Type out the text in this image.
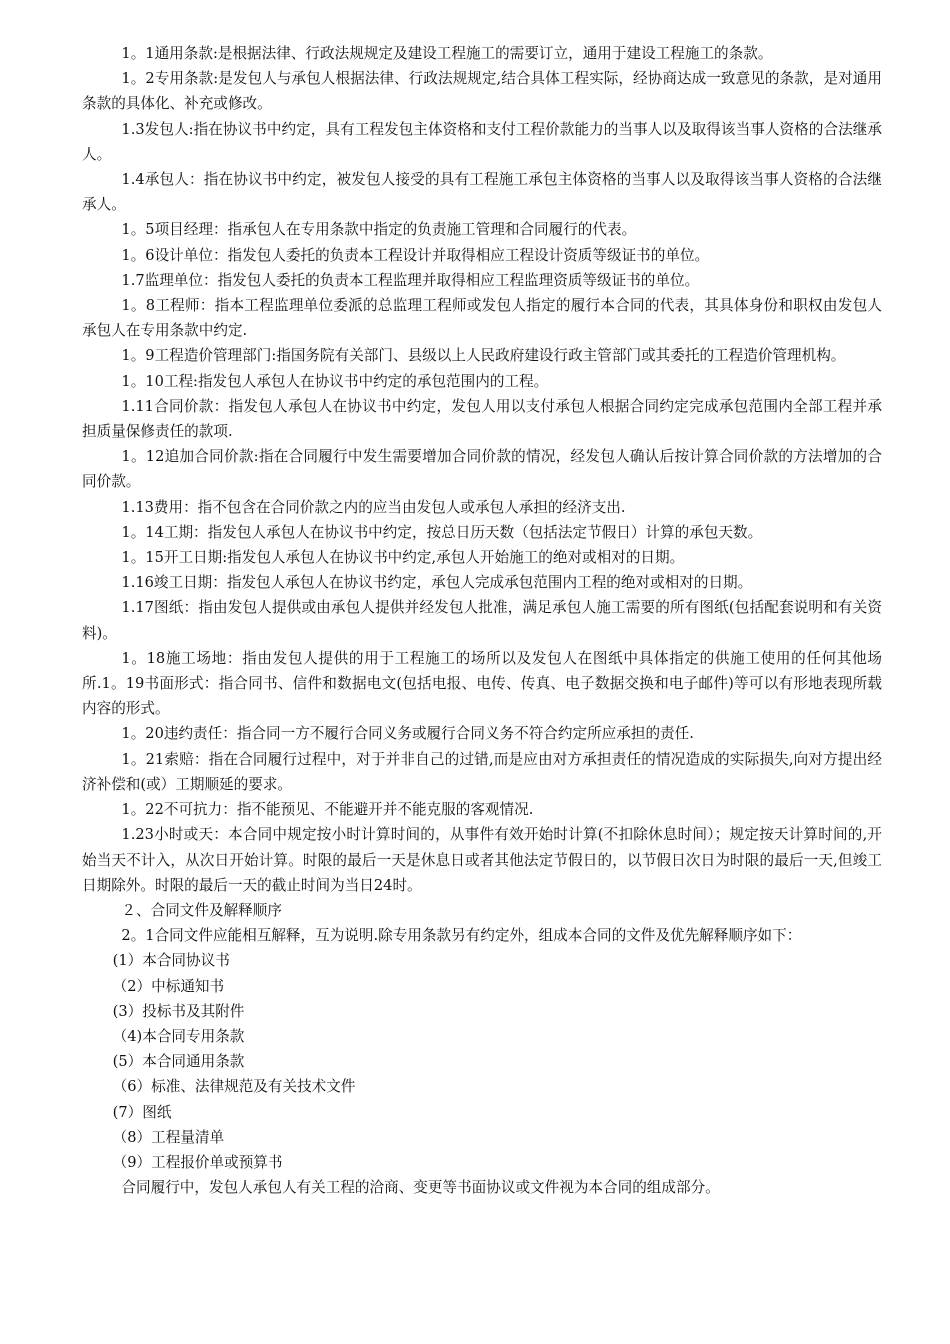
1。1通用条款:是根据法律、行政法规规定及建设工程施工的需要订立，通用于建设工程施工的条款。

1。2专用条款:是发包人与承包人根据法律、行政法规规定,结合具体工程实际，经协商达成一致意见的条款，是对通用条款的具体化、补充或修改。

1.3发包人:指在协议书中约定，具有工程发包主体资格和支付工程价款能力的当事人以及取得该当事人资格的合法继承人。

1.4承包人：指在协议书中约定，被发包人接受的具有工程施工承包主体资格的当事人以及取得该当事人资格的合法继承人。

1。5项目经理：指承包人在专用条款中指定的负责施工管理和合同履行的代表。

1。6设计单位：指发包人委托的负责本工程设计并取得相应工程设计资质等级证书的单位。

1.7监理单位：指发包人委托的负责本工程监理并取得相应工程监理资质等级证书的单位。

1。8工程师：指本工程监理单位委派的总监理工程师或发包人指定的履行本合同的代表，其具体身份和职权由发包人承包人在专用条款中约定.

1。9工程造价管理部门:指国务院有关部门、县级以上人民政府建设行政主管部门或其委托的工程造价管理机构。

1。10工程:指发包人承包人在协议书中约定的承包范围内的工程。

1.11合同价款：指发包人承包人在协议书中约定，发包人用以支付承包人根据合同约定完成承包范围内全部工程并承担质量保修责任的款项.

1。12追加合同价款:指在合同履行中发生需要增加合同价款的情况，经发包人确认后按计算合同价款的方法增加的合同价款。

1.13费用：指不包含在合同价款之内的应当由发包人或承包人承担的经济支出.

1。14工期：指发包人承包人在协议书中约定，按总日历天数（包括法定节假日）计算的承包天数。

1。15开工日期:指发包人承包人在协议书中约定,承包人开始施工的绝对或相对的日期。

1.16竣工日期：指发包人承包人在协议书约定，承包人完成承包范围内工程的绝对或相对的日期。

1.17图纸：指由发包人提供或由承包人提供并经发包人批准，满足承包人施工需要的所有图纸(包括配套说明和有关资料)。

1。18施工场地：指由发包人提供的用于工程施工的场所以及发包人在图纸中具体指定的供施工使用的任何其他场所.1。19书面形式：指合同书、信件和数据电文(包括电报、电传、传真、电子数据交换和电子邮件)等可以有形地表现所载内容的形式。

1。20违约责任：指合同一方不履行合同义务或履行合同义务不符合约定所应承担的责任.

1。21索赔：指在合同履行过程中，对于并非自己的过错,而是应由对方承担责任的情况造成的实际损失,向对方提出经济补偿和(或）工期顺延的要求。

1。22不可抗力：指不能预见、不能避开并不能克服的客观情况.

1.23小时或天：本合同中规定按小时计算时间的，从事件有效开始时计算(不扣除休息时间）；规定按天计算时间的,开始当天不计入，从次日开始计算。时限的最后一天是休息日或者其他法定节假日的，以节假日次日为时限的最后一天,但竣工日期除外。时限的最后一天的截止时间为当日24时。

２、合同文件及解释顺序

2。1合同文件应能相互解释，互为说明.除专用条款另有约定外，组成本合同的文件及优先解释顺序如下：

(1）本合同协议书

（2）中标通知书

(3）投标书及其附件

（4)本合同专用条款

(5）本合同通用条款

（6）标准、法律规范及有关技术文件

(7）图纸

（8）工程量清单

（9）工程报价单或预算书

合同履行中，发包人承包人有关工程的洽商、变更等书面协议或文件视为本合同的组成部分。
